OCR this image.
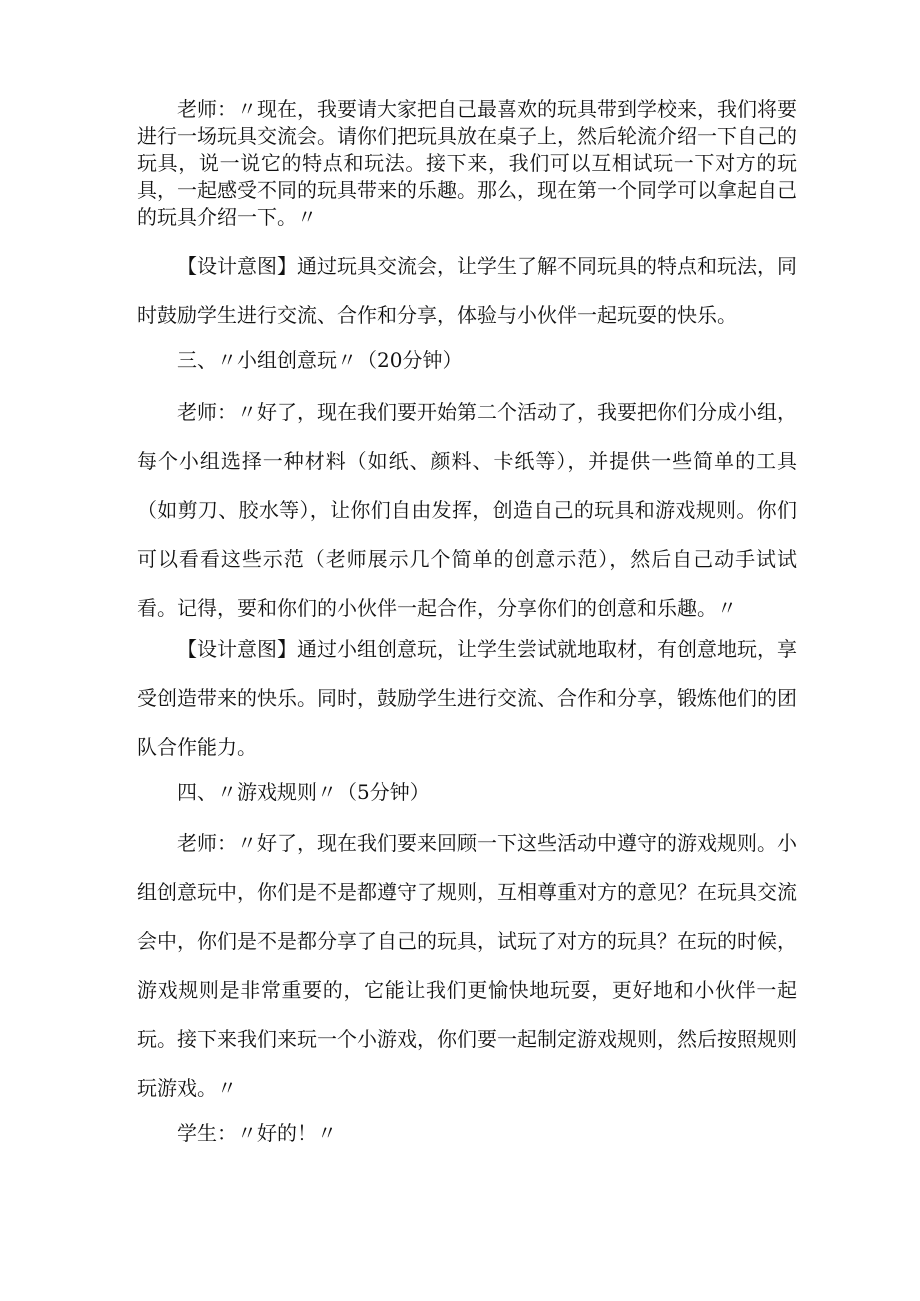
老师：〃现在，我要请大家把自己最喜欢的玩具带到学校来，我们将要进行一场玩具交流会。请你们把玩具放在桌子上，然后轮流介绍一下自己的玩具，说一说它的特点和玩法。接下来，我们可以互相试玩一下对方的玩具，一起感受不同的玩具带来的乐趣。那么，现在第一个同学可以拿起自己的玩具介绍一下。〃

【设计意图】通过玩具交流会，让学生了解不同玩具的特点和玩法，同时鼓励学生进行交流、合作和分享，体验与小伙伴一起玩耍的快乐。

三、〃小组创意玩〃（20分钟）

老师：〃好了，现在我们要开始第二个活动了，我要把你们分成小组，每个小组选择一种材料（如纸、颜料、卡纸等），并提供一些简单的工具（如剪刀、胶水等），让你们自由发挥，创造自己的玩具和游戏规则。你们可以看看这些示范（老师展示几个简单的创意示范），然后自己动手试试看。记得，要和你们的小伙伴一起合作，分享你们的创意和乐趣。〃

【设计意图】通过小组创意玩，让学生尝试就地取材，有创意地玩，享受创造带来的快乐。同时，鼓励学生进行交流、合作和分享，锻炼他们的团队合作能力。

四、〃游戏规则〃（5分钟）

老师：〃好了，现在我们要来回顾一下这些活动中遵守的游戏规则。小组创意玩中，你们是不是都遵守了规则，互相尊重对方的意见？在玩具交流会中，你们是不是都分享了自己的玩具，试玩了对方的玩具？在玩的时候，游戏规则是非常重要的，它能让我们更愉快地玩耍，更好地和小伙伴一起玩。接下来我们来玩一个小游戏，你们要一起制定游戏规则，然后按照规则玩游戏。〃

学生：〃好的！〃
